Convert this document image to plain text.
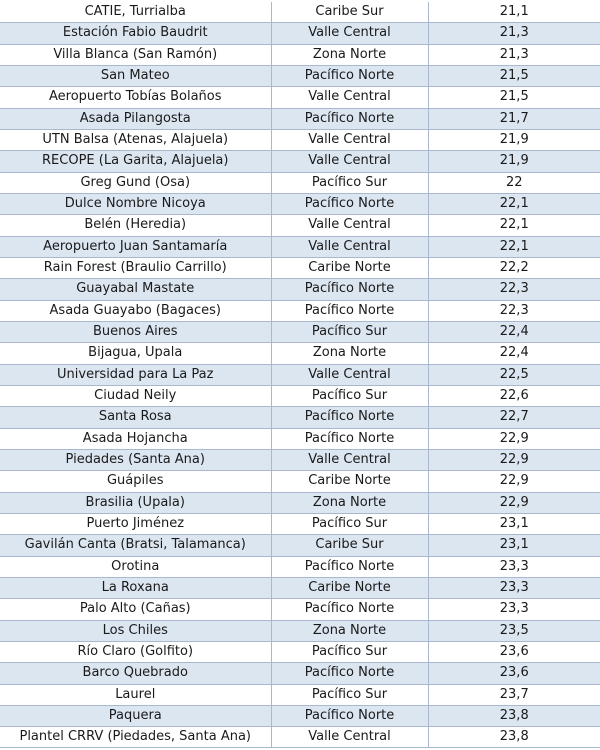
CATIE, Turrialba	Caribe Sur	21,1
Estación Fabio Baudrit	Valle Central	21,3
Villa Blanca (San Ramón)	Zona Norte	21,3
San Mateo	Pacífico Norte	21,5
Aeropuerto Tobías Bolaños	Valle Central	21,5
Asada Pilangosta	Pacífico Norte	21,7
UTN Balsa (Atenas, Alajuela)	Valle Central	21,9
RECOPE (La Garita, Alajuela)	Valle Central	21,9
Greg Gund (Osa)	Pacífico Sur	22
Dulce Nombre Nicoya	Pacífico Norte	22,1
Belén (Heredia)	Valle Central	22,1
Aeropuerto Juan Santamaría	Valle Central	22,1
Rain Forest (Braulio Carrillo)	Caribe Norte	22,2
Guayabal Mastate	Pacífico Norte	22,3
Asada Guayabo (Bagaces)	Pacífico Norte	22,3
Buenos Aires	Pacífico Sur	22,4
Bijagua, Upala	Zona Norte	22,4
Universidad para La Paz	Valle Central	22,5
Ciudad Neily	Pacífico Sur	22,6
Santa Rosa	Pacífico Norte	22,7
Asada Hojancha	Pacífico Norte	22,9
Piedades (Santa Ana)	Valle Central	22,9
Guápiles	Caribe Norte	22,9
Brasilia (Upala)	Zona Norte	22,9
Puerto Jiménez	Pacífico Sur	23,1
Gavilán Canta (Bratsi, Talamanca)	Caribe Sur	23,1
Orotina	Pacífico Norte	23,3
La Roxana	Caribe Norte	23,3
Palo Alto (Cañas)	Pacífico Norte	23,3
Los Chiles	Zona Norte	23,5
Río Claro (Golfito)	Pacífico Sur	23,6
Barco Quebrado	Pacífico Norte	23,6
Laurel	Pacífico Sur	23,7
Paquera	Pacífico Norte	23,8
Plantel CRRV (Piedades, Santa Ana)	Valle Central	23,8
